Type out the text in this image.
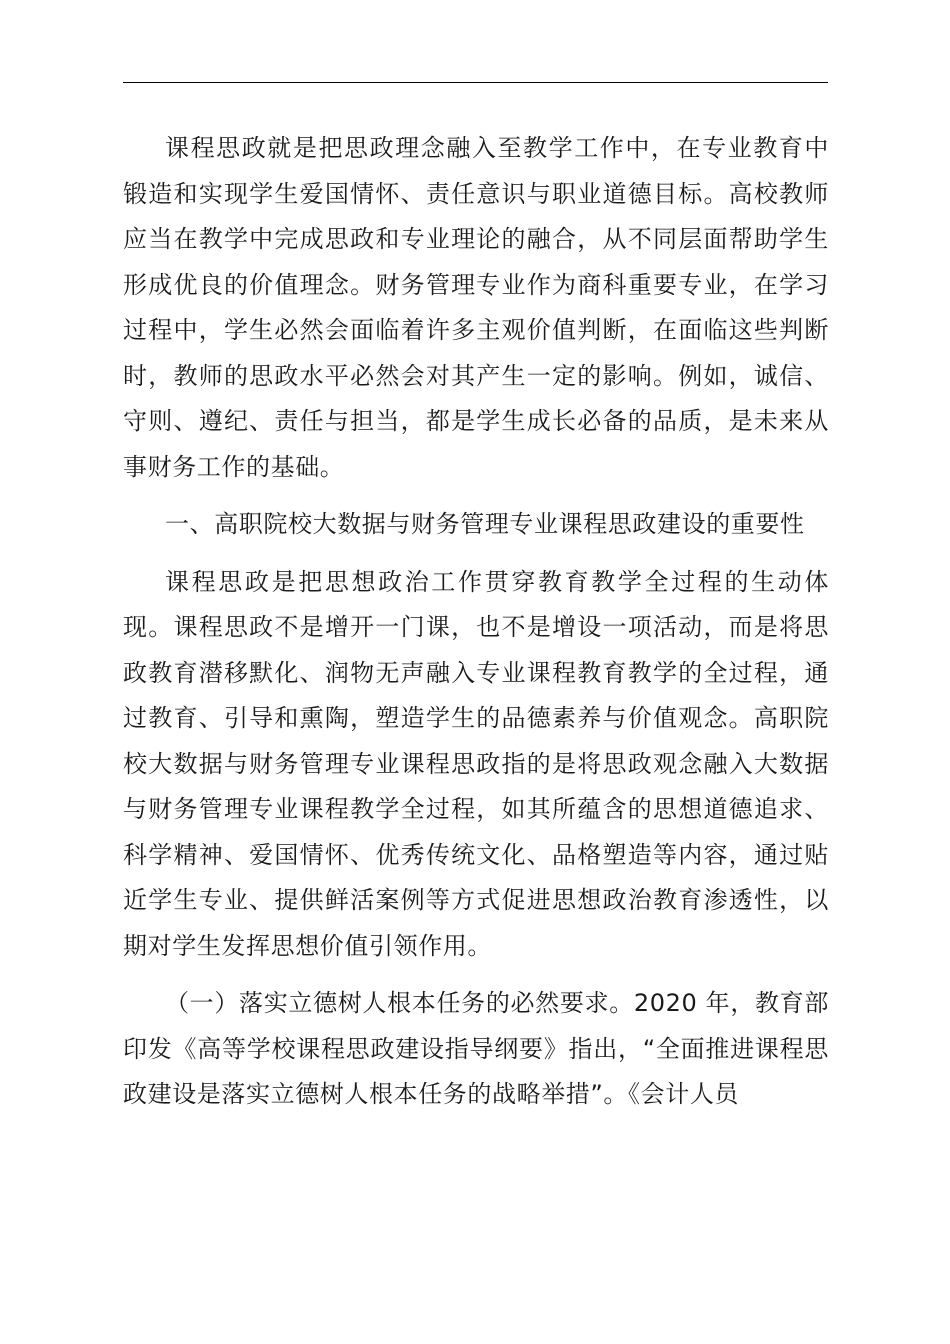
课程思政就是把思政理念融入至教学工作中，在专业教育中锻造和实现学生爱国情怀、责任意识与职业道德目标。高校教师应当在教学中完成思政和专业理论的融合，从不同层面帮助学生形成优良的价值理念。财务管理专业作为商科重要专业，在学习过程中，学生必然会面临着许多主观价值判断，在面临这些判断时，教师的思政水平必然会对其产生一定的影响。例如，诚信、守则、遵纪、责任与担当，都是学生成长必备的品质，是未来从事财务工作的基础。

一、高职院校大数据与财务管理专业课程思政建设的重要性

课程思政是把思想政治工作贯穿教育教学全过程的生动体现。课程思政不是增开一门课，也不是增设一项活动，而是将思政教育潜移默化、润物无声融入专业课程教育教学的全过程，通过教育、引导和熏陶，塑造学生的品德素养与价值观念。高职院校大数据与财务管理专业课程思政指的是将思政观念融入大数据与财务管理专业课程教学全过程，如其所蕴含的思想道德追求、科学精神、爱国情怀、优秀传统文化、品格塑造等内容，通过贴近学生专业、提供鲜活案例等方式促进思想政治教育渗透性，以期对学生发挥思想价值引领作用。

（一）落实立德树人根本任务的必然要求。2020 年，教育部印发《高等学校课程思政建设指导纲要》指出，“全面推进课程思政建设是落实立德树人根本任务的战略举措”。《会计人员
